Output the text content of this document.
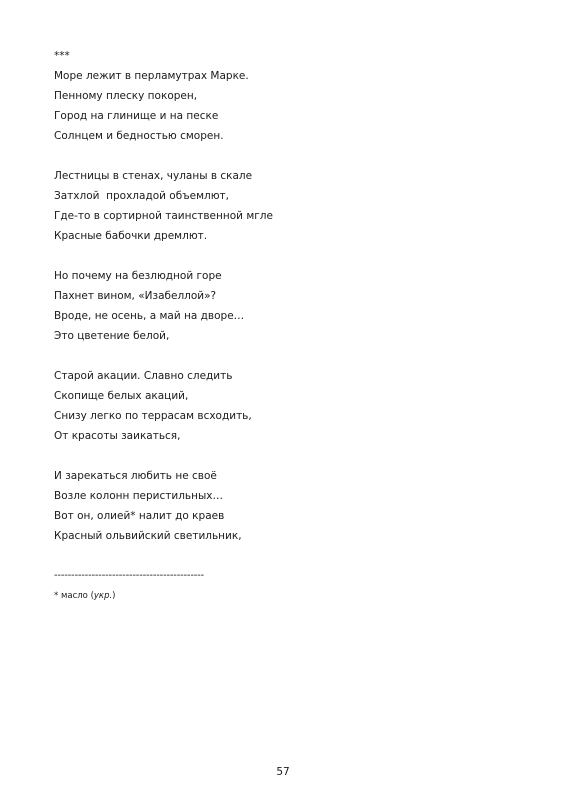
***
Море лежит в перламутрах Марке.
Пенному плеску покорен,
Город на глинище и на песке
Солнцем и бедностью сморен.
Лестницы в стенах, чуланы в скале
Затхлой  прохладой объемлют,
Где-то в сортирной таинственной мгле
Красные бабочки дремлют.
Но почему на безлюдной горе
Пахнет вином, «Изабеллой»?
Вроде, не осень, а май на дворе…
Это цветение белой,
Старой акации. Славно следить
Скопище белых акаций,
Снизу легко по террасам всходить,
От красоты заикаться,
И зарекаться любить не своё
Возле колонн перистильных…
Вот он, олией* налит до краев
Красный ольвийский светильник,
--------------------------------------------
* масло (укр.)
57
